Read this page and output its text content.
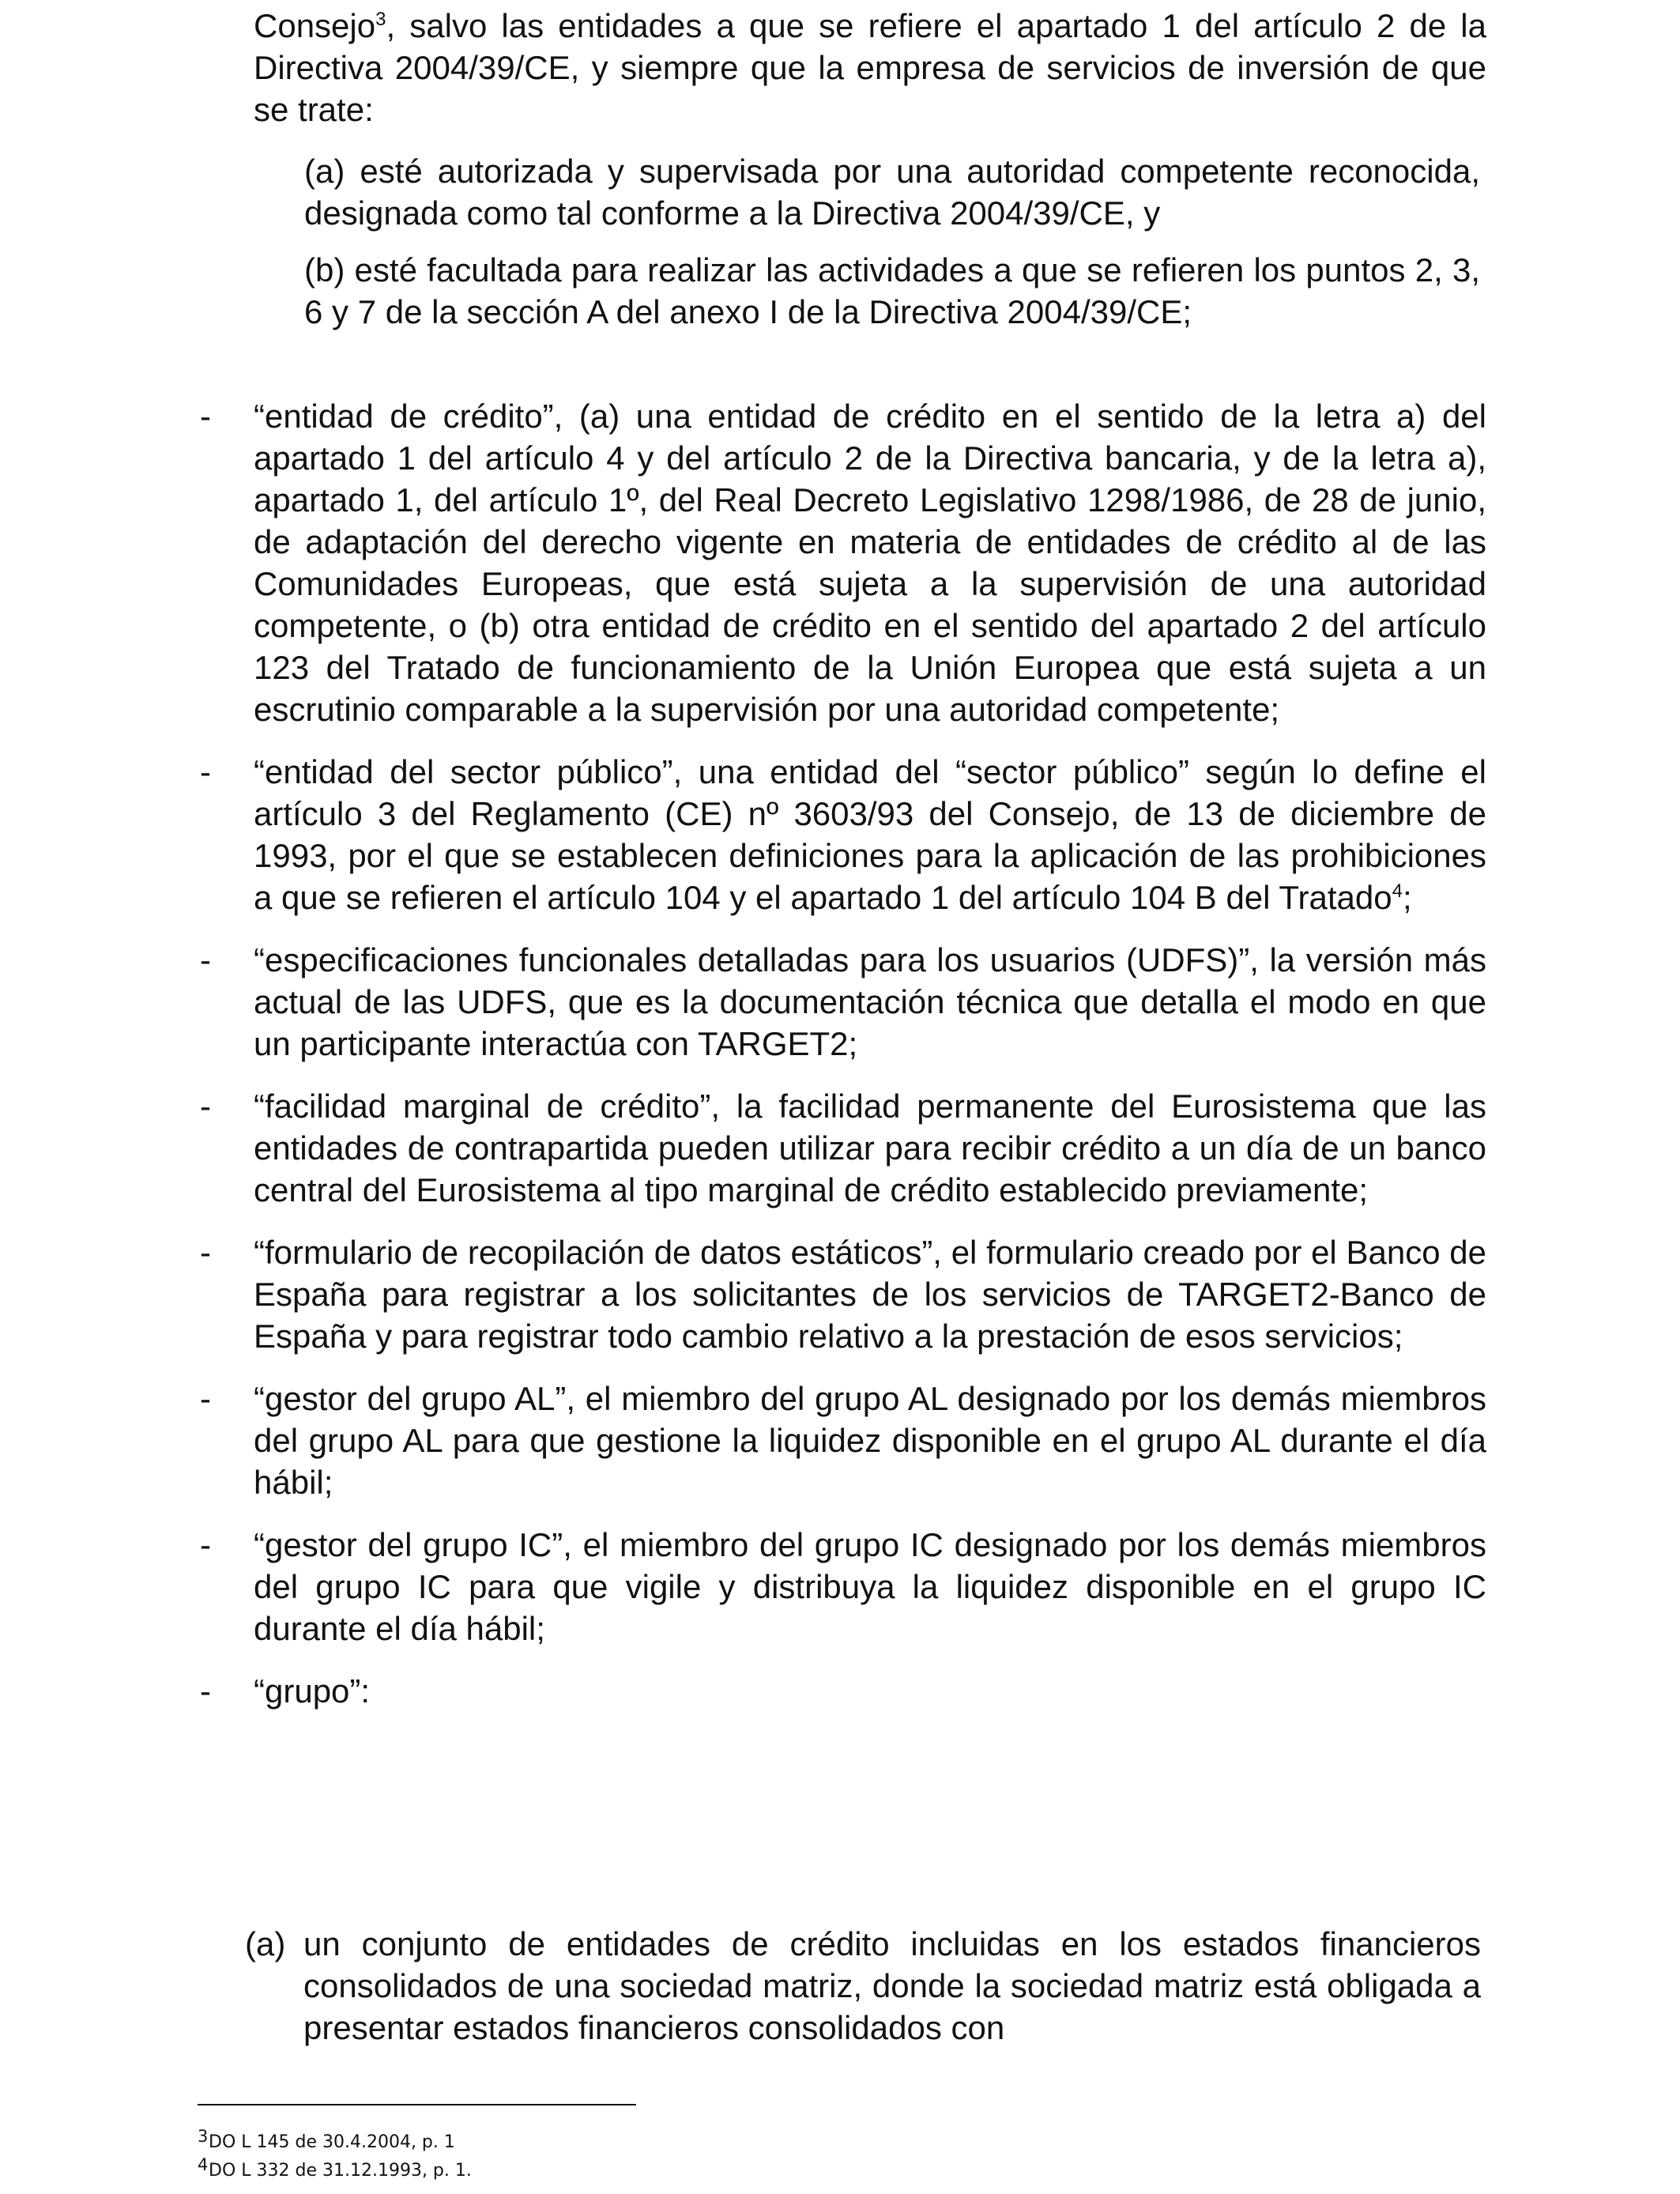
Consejo$^3$, salvo las entidades a que se refiere el apartado 1 del artículo 2 de la Directiva 2004/39/CE, y siempre que la empresa de servicios de inversión de que se trate:

(a) esté autorizada y supervisada por una autoridad competente reconocida, designada como tal conforme a la Directiva 2004/39/CE, y

(b) esté facultada para realizar las actividades a que se refieren los puntos 2, 3, 6 y 7 de la sección A del anexo I de la Directiva 2004/39/CE;

-	“entidad de crédito”, (a) una entidad de crédito en el sentido de la letra a) del apartado 1 del artículo 4 y del artículo 2 de la Directiva bancaria, y de la letra a), apartado 1, del artículo 1º, del Real Decreto Legislativo 1298/1986, de 28 de junio, de adaptación del derecho vigente en materia de entidades de crédito al de las Comunidades Europeas, que está sujeta a la supervisión de una autoridad competente, o (b) otra entidad de crédito en el sentido del apartado 2 del artículo 123 del Tratado de funcionamiento de la Unión Europea que está sujeta a un escrutinio comparable a la supervisión por una autoridad competente;
-	“entidad del sector público”, una entidad del “sector público” según lo define el artículo 3 del Reglamento (CE) nº 3603/93 del Consejo, de 13 de diciembre de 1993, por el que se establecen definiciones para la aplicación de las prohibiciones a que se refieren el artículo 104 y el apartado 1 del artículo 104 B del Tratado$^4$;
-	“especificaciones funcionales detalladas para los usuarios (UDFS)”, la versión más actual de las UDFS, que es la documentación técnica que detalla el modo en que un participante interactúa con TARGET2;
-	“facilidad marginal de crédito”, la facilidad permanente del Eurosistema que las entidades de contrapartida pueden utilizar para recibir crédito a un día de un banco central del Eurosistema al tipo marginal de crédito establecido previamente;
-	“formulario de recopilación de datos estáticos”, el formulario creado por el Banco de España para registrar a los solicitantes de los servicios de TARGET2-Banco de España y para registrar todo cambio relativo a la prestación de esos servicios;
-	“gestor del grupo AL”, el miembro del grupo AL designado por los demás miembros del grupo AL para que gestione la liquidez disponible en el grupo AL durante el día hábil;
-	“gestor del grupo IC”, el miembro del grupo IC designado por los demás miembros del grupo IC para que vigile y distribuya la liquidez disponible en el grupo IC durante el día hábil;
-	“grupo”:
(a) un conjunto de entidades de crédito incluidas en los estados financieros consolidados de una sociedad matriz, donde la sociedad matriz está obligada a presentar estados financieros consolidados con
3 DO L 145 de 30.4.2004, p. 1
4 DO L 332 de 31.12.1993, p. 1.
